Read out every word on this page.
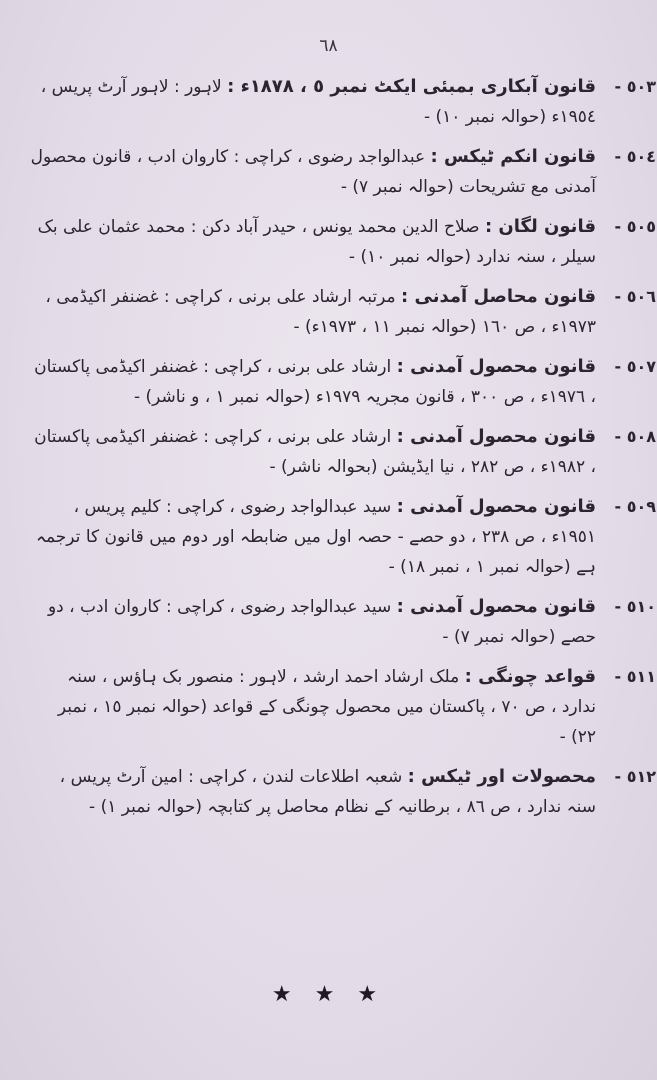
٦٨
- ٥٠٣
قانون آبکاری بمبئی ایکٹ نمبر ٥ ، ١٨٧٨ء : لاہور : لاہور آرٹ پریس ، ١٩٥٤ء (حوالہ نمبر ١٠) -
- ٥٠٤
قانون انکم ٹیکس : عبدالواجد رضوی ، کراچی : کاروان ادب ، قانون محصول آمدنی مع تشریحات (حوالہ نمبر ٧) -
- ٥٠٥
قانون لگان : صلاح الدین محمد یونس ، حیدر آباد دکن : محمد عثمان علی بک سیلر ، سنہ ندارد (حوالہ نمبر ١٠) -
- ٥٠٦
قانون محاصل آمدنی : مرتبہ ارشاد علی برنی ، کراچی : غضنفر اکیڈمی ، ١٩٧٣ء ، ص ١٦٠ (حوالہ نمبر ١١ ، ١٩٧٣ء) -
- ٥٠٧
قانون محصول آمدنی : ارشاد علی برنی ، کراچی : غضنفر اکیڈمی پاکستان ، ١٩٧٦ء ، ص ٣٠٠ ، قانون مجریہ ١٩٧٩ء (حوالہ نمبر ١ ، و ناشر) -
- ٥٠٨
قانون محصول آمدنی : ارشاد علی برنی ، کراچی : غضنفر اکیڈمی پاکستان ، ١٩٨٢ء ، ص ٢٨٢ ، نیا ایڈیشن (بحوالہ ناشر) -
- ٥٠٩
قانون محصول آمدنی : سید عبدالواجد رضوی ، کراچی : کلیم پریس ، ١٩٥١ء ، ص ٢٣٨ ، دو حصے - حصہ اول میں ضابطہ اور دوم میں قانون کا ترجمہ ہے (حوالہ نمبر ١ ، نمبر ١٨) -
- ٥١٠
قانون محصول آمدنی : سید عبدالواجد رضوی ، کراچی : کاروان ادب ، دو حصے (حوالہ نمبر ٧) -
- ٥١١
قواعد چونگی : ملک ارشاد احمد ارشد ، لاہور : منصور بک ہاؤس ، سنہ ندارد ، ص ٧٠ ، پاکستان میں محصول چونگی کے قواعد (حوالہ نمبر ١٥ ، نمبر ٢٢) -
- ٥١٢
محصولات اور ٹیکس : شعبہ اطلاعات لندن ، کراچی : امین آرٹ پریس ، سنہ ندارد ، ص ٨٦ ، برطانیہ کے نظام محاصل پر کتابچہ (حوالہ نمبر ١) -
★ ★ ★
